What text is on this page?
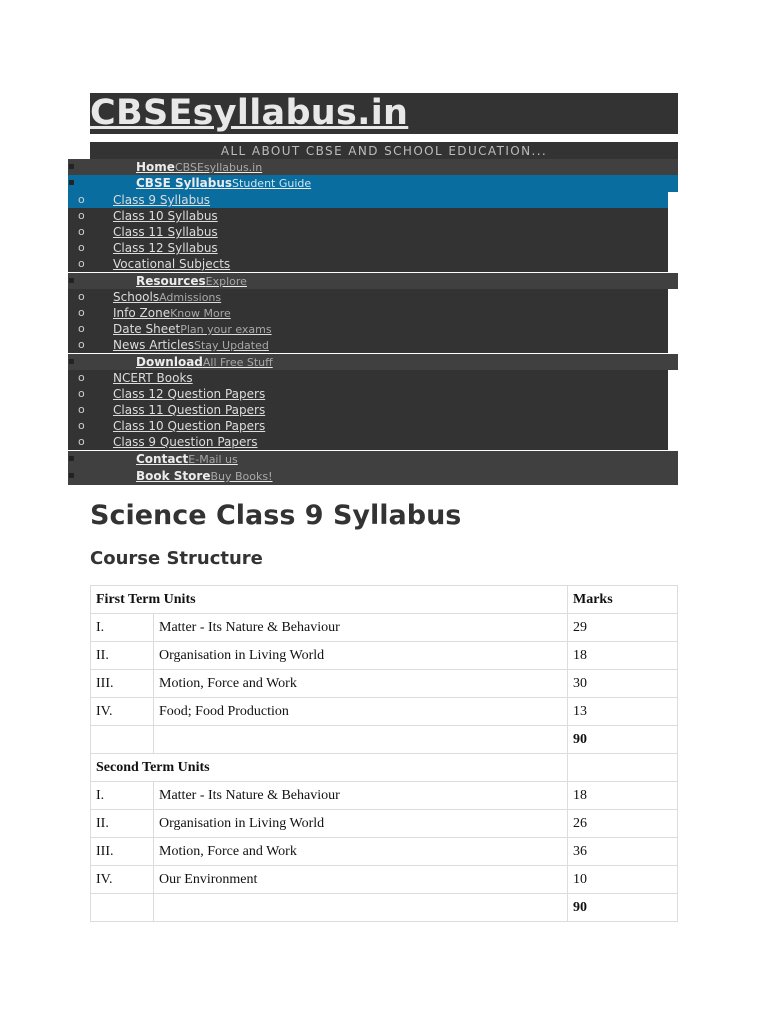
CBSEsyllabus.in
ALL ABOUT CBSE AND SCHOOL EDUCATION...
▪	HomeCBSEsyllabus.in
▪	CBSE SyllabusStudent Guide
o	Class 9 Syllabus
o	Class 10 Syllabus
o	Class 11 Syllabus
o	Class 12 Syllabus
o	Vocational Subjects
▪	ResourcesExplore
o	SchoolsAdmissions
o	Info ZoneKnow More
o	Date SheetPlan your exams
o	News ArticlesStay Updated
▪	DownloadAll Free Stuff
o	NCERT Books
o	Class 12 Question Papers
o	Class 11 Question Papers
o	Class 10 Question Papers
o	Class 9 Question Papers
▪	ContactE-Mail us
▪	Book StoreBuy Books!
Science Class 9 Syllabus
Course Structure
First Term Units		Marks
I.	Matter - Its Nature & Behaviour	29
II.	Organisation in Living World	18
III.	Motion, Force and Work	30
IV.	Food; Food Production	13
		90
Second Term Units		
I.	Matter - Its Nature & Behaviour	18
II.	Organisation in Living World	26
III.	Motion, Force and Work	36
IV.	Our Environment	10
		90
